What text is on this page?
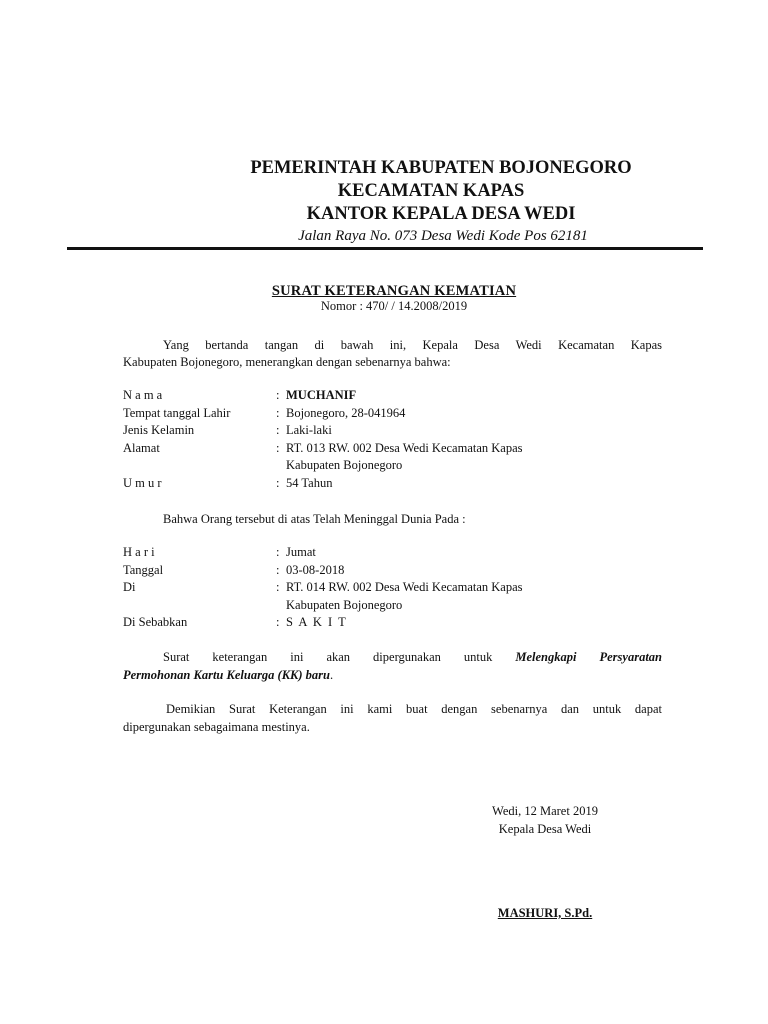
PEMERINTAH KABUPATEN BOJONEGORO
KECAMATAN KAPAS
KANTOR KEPALA DESA WEDI
Jalan Raya No. 073 Desa Wedi Kode Pos 62181
SURAT KETERANGAN KEMATIAN
Nomor : 470/ / 14.2008/2019
Yang bertanda tangan di bawah ini, Kepala Desa Wedi Kecamatan Kapas
Kabupaten Bojonegoro, menerangkan dengan sebenarnya bahwa:
N a m a	: MUCHANIF
Tempat tanggal Lahir	: Bojonegoro, 28-041964
Jenis Kelamin	: Laki-laki
Alamat	: RT. 013 RW. 002 Desa Wedi Kecamatan Kapas
Kabupaten Bojonegoro
U m u r	: 54 Tahun
Bahwa Orang tersebut di atas Telah Meninggal Dunia Pada :
H a r i	: Jumat
Tanggal	: 03-08-2018
Di	: RT. 014 RW. 002 Desa Wedi Kecamatan Kapas
Kabupaten Bojonegoro
Di Sebabkan	: S A K I T
Surat keterangan ini akan dipergunakan untuk Melengkapi Persyaratan
Permohonan Kartu Keluarga (KK) baru.
Demikian Surat Keterangan ini kami buat dengan sebenarnya dan untuk dapat
dipergunakan sebagaimana mestinya.
Wedi, 12 Maret 2019
Kepala Desa Wedi
MASHURI, S.Pd.
